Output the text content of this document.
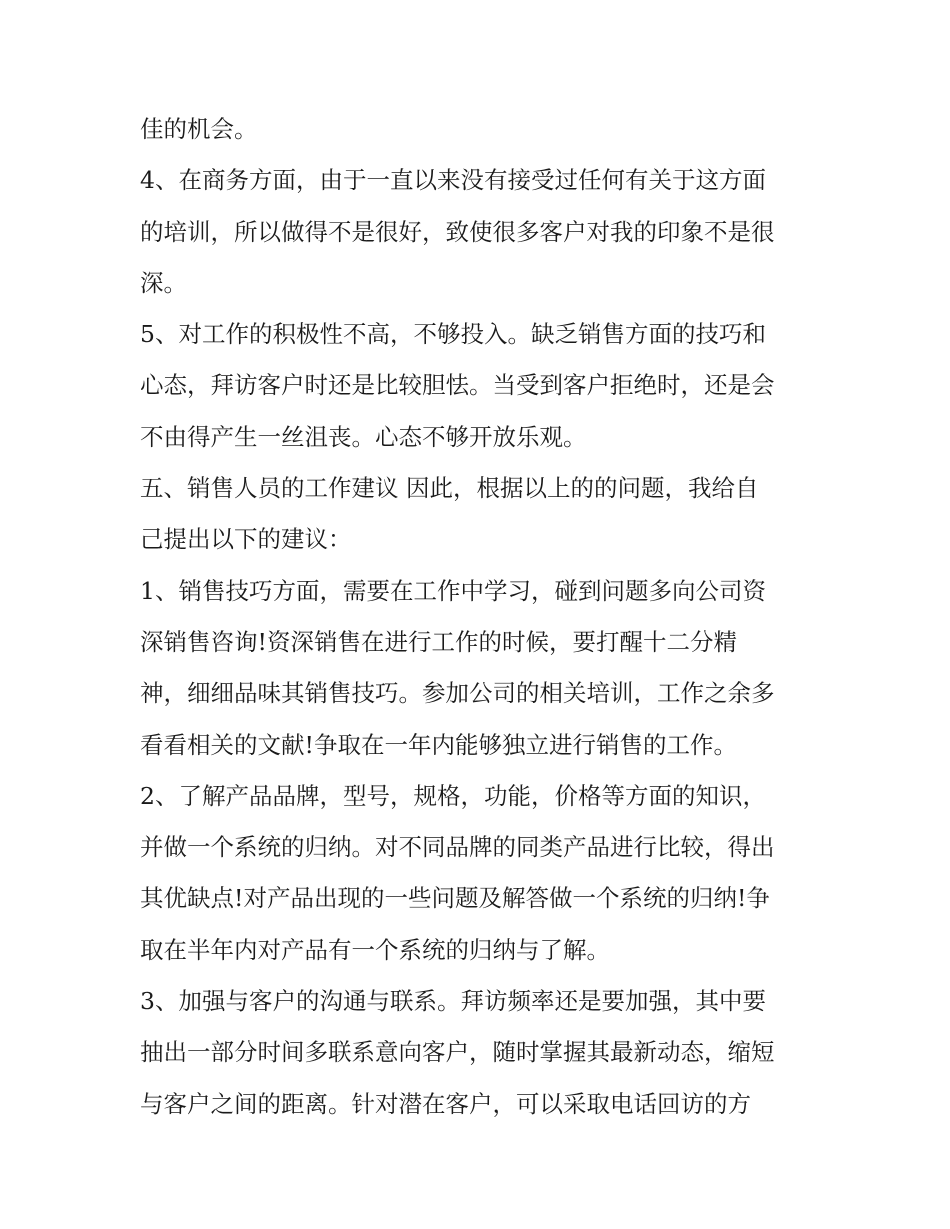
佳的机会。
4、在商务方面，由于一直以来没有接受过任何有关于这方面
的培训，所以做得不是很好，致使很多客户对我的印象不是很
深。
5、对工作的积极性不高，不够投入。缺乏销售方面的技巧和
心态，拜访客户时还是比较胆怯。当受到客户拒绝时，还是会
不由得产生一丝沮丧。心态不够开放乐观。
五、销售人员的工作建议 因此，根据以上的的问题，我给自
己提出以下的建议：
1、销售技巧方面，需要在工作中学习，碰到问题多向公司资
深销售咨询!资深销售在进行工作的时候，要打醒十二分精
神，细细品味其销售技巧。参加公司的相关培训，工作之余多
看看相关的文献!争取在一年内能够独立进行销售的工作。
2、了解产品品牌，型号，规格，功能，价格等方面的知识，
并做一个系统的归纳。对不同品牌的同类产品进行比较，得出
其优缺点!对产品出现的一些问题及解答做一个系统的归纳!争
取在半年内对产品有一个系统的归纳与了解。
3、加强与客户的沟通与联系。拜访频率还是要加强，其中要
抽出一部分时间多联系意向客户，随时掌握其最新动态，缩短
与客户之间的距离。针对潜在客户，可以采取电话回访的方
